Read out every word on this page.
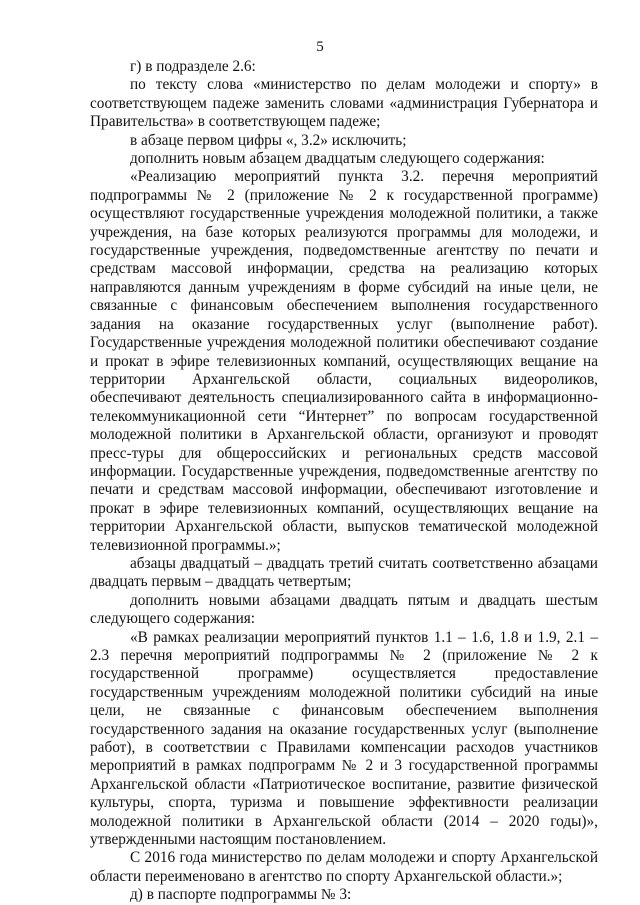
5

г) в подразделе 2.6:

по тексту слова «министерство по делам молодежи и спорту» в соответствующем падеже заменить словами «администрация Губернатора и Правительства» в соответствующем падеже;

в абзаце первом цифры «, 3.2» исключить;

дополнить новым абзацем двадцатым следующего содержания:

«Реализацию мероприятий пункта 3.2. перечня мероприятий подпрограммы № 2 (приложение № 2 к государственной программе) осуществляют государственные учреждения молодежной политики, а также учреждения, на базе которых реализуются программы для молодежи, и государственные учреждения, подведомственные агентству по печати и средствам массовой информации, средства на реализацию которых направляются данным учреждениям в форме субсидий на иные цели, не связанные с финансовым обеспечением выполнения государственного задания на оказание государственных услуг (выполнение работ). Государственные учреждения молодежной политики обеспечивают создание и прокат в эфире телевизионных компаний, осуществляющих вещание на территории Архангельской области, социальных видеороликов, обеспечивают деятельность специализированного сайта в информационно-телекоммуникационной сети “Интернет” по вопросам государственной молодежной политики в Архангельской области, организуют и проводят пресс-туры для общероссийских и региональных средств массовой информации. Государственные учреждения, подведомственные агентству по печати и средствам массовой информации, обеспечивают изготовление и прокат в эфире телевизионных компаний, осуществляющих вещание на территории Архангельской области, выпусков тематической молодежной телевизионной программы.»;

абзацы двадцатый – двадцать третий считать соответственно абзацами двадцать первым – двадцать четвертым;

дополнить новыми абзацами двадцать пятым и двадцать шестым следующего содержания:

«В рамках реализации мероприятий пунктов 1.1 – 1.6, 1.8 и 1.9, 2.1 – 2.3 перечня мероприятий подпрограммы № 2 (приложение № 2 к государственной программе) осуществляется предоставление государственным учреждениям молодежной политики субсидий на иные цели, не связанные с финансовым обеспечением выполнения государственного задания на оказание государственных услуг (выполнение работ), в соответствии с Правилами компенсации расходов участников мероприятий в рамках подпрограмм № 2 и 3 государственной программы Архангельской области «Патриотическое воспитание, развитие физической культуры, спорта, туризма и повышение эффективности реализации молодежной политики в Архангельской области (2014 – 2020 годы)», утвержденными настоящим постановлением.

С 2016 года министерство по делам молодежи и спорту Архангельской области переименовано в агентство по спорту Архангельской области.»;

д) в паспорте подпрограммы № 3:
